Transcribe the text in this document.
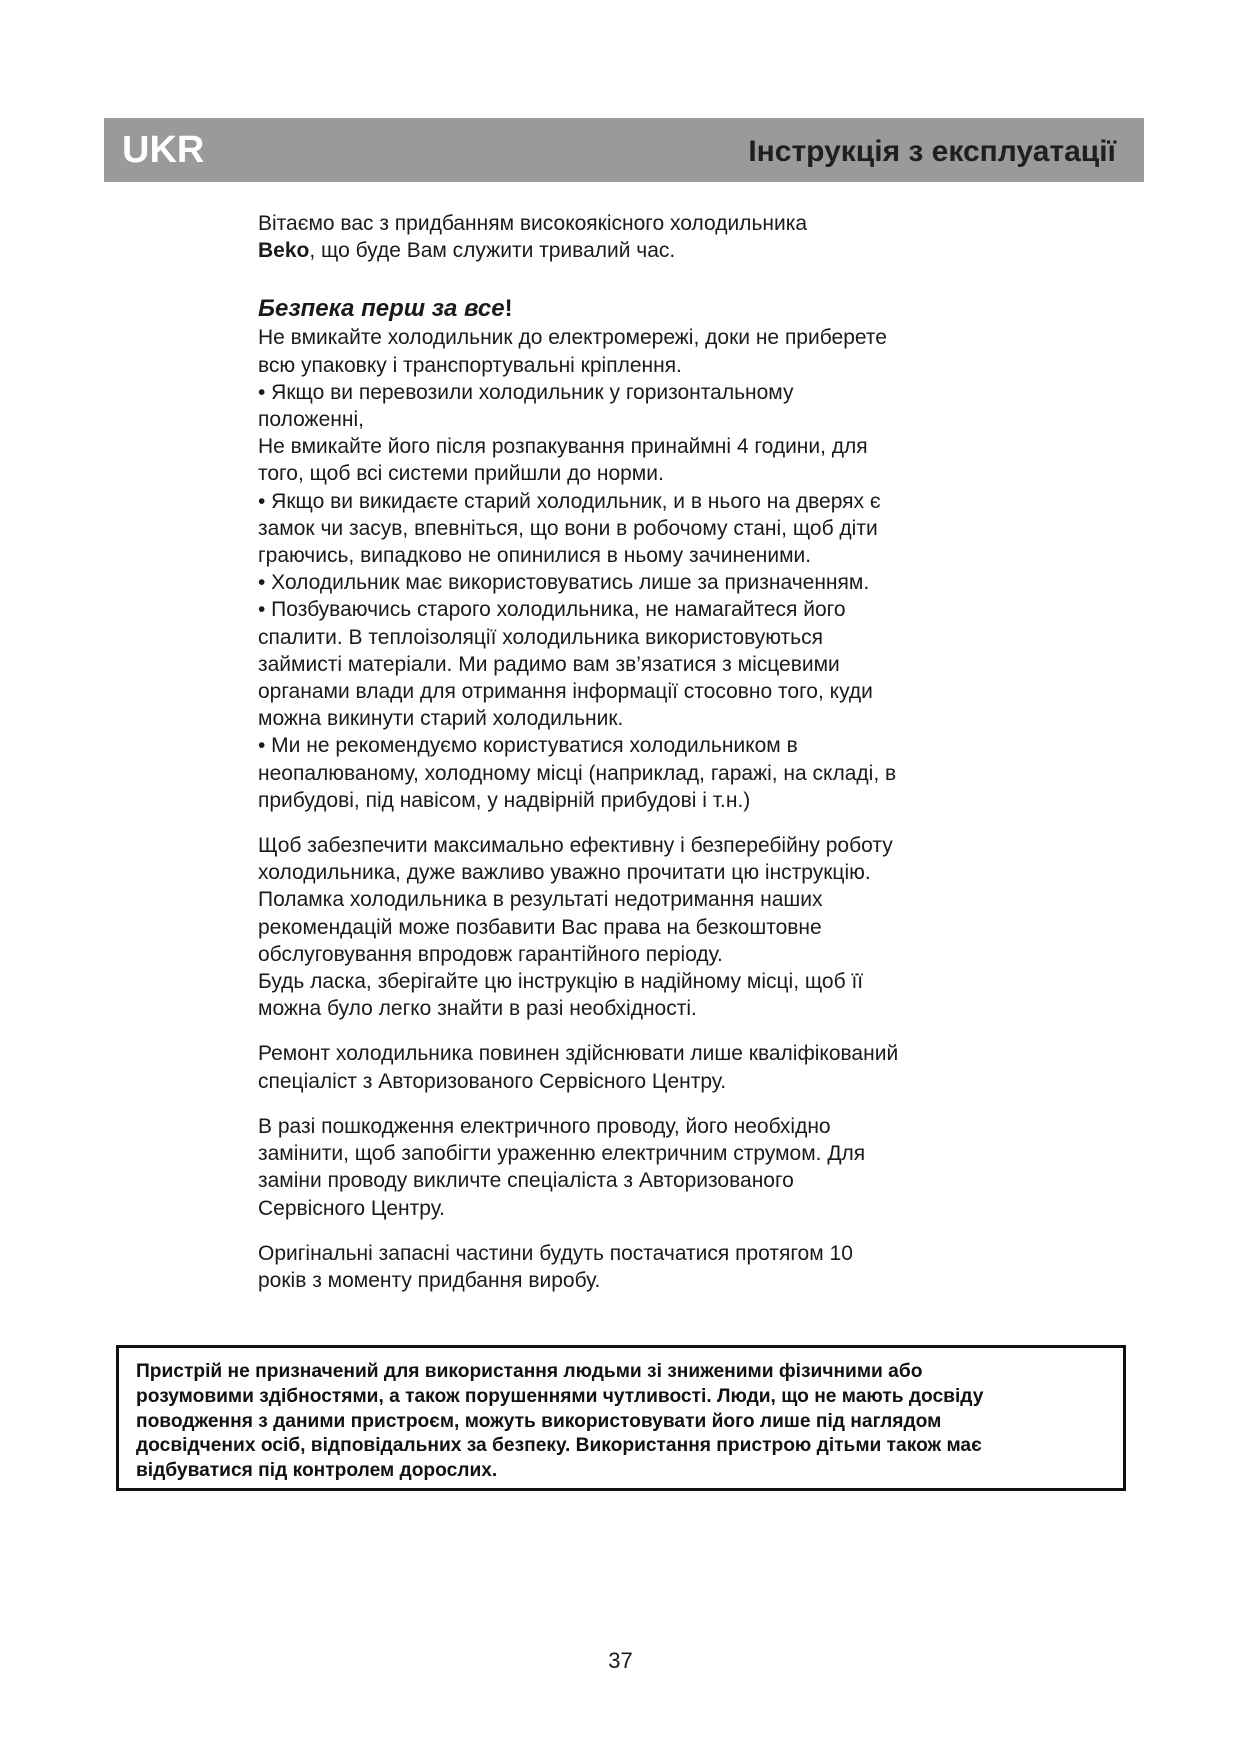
UKR	Інструкція з експлуатації

Вітаємо вас з придбанням високоякісного холодильника
Beko, що буде Вам служити тривалий час.

Безпека перш за все!

Не вмикайте холодильник до електромережі, доки не приберете
всю упаковку і транспортувальні кріплення.
• Якщо ви перевозили холодильник у горизонтальному
положенні,
Не вмикайте його після розпакування принаймні 4 години, для
того, щоб всі системи прийшли до норми.
• Якщо ви викидаєте старий холодильник, и в нього на дверях є
замок чи засув, впевніться, що вони в робочому стані, щоб діти
граючись, випадково не опинилися в ньому зачиненими.
• Холодильник має використовуватись лише за призначенням.
• Позбуваючись старого холодильника, не намагайтеся його
спалити. В теплоізоляції холодильника використовуються
займисті матеріали. Ми радимо вам зв’язатися з місцевими
органами влади для отримання інформації стосовно того, куди
можна викинути старий холодильник.
• Ми не рекомендуємо користуватися холодильником в
неопалюваному, холодному місці (наприклад, гаражі, на складі, в
прибудові, під навісом, у надвірній прибудові і т.н.)

Щоб забезпечити максимально ефективну і безперебійну роботу
холодильника, дуже важливо уважно прочитати цю інструкцію.
Поламка холодильника в результаті недотримання наших
рекомендацій може позбавити Вас права на безкоштовне
обслуговування впродовж гарантійного періоду.
Будь ласка, зберігайте цю інструкцію в надійному місці, щоб її
можна було легко знайти в разі необхідності.

Ремонт холодильника повинен здійснювати лише кваліфікований
спеціаліст з Авторизованого Сервісного Центру.

В разі пошкодження електричного проводу, його необхідно
замінити, щоб запобігти ураженню електричним струмом. Для
заміни проводу викличте спеціаліста з Авторизованого
Сервісного Центру.

Оригінальні запасні частини будуть постачатися протягом 10
років з моменту придбання виробу.

Пристрій не призначений для використання людьми зі зниженими фізичними або
розумовими здібностями, а також порушеннями чутливості. Люди, що не мають досвіду
поводження з даними пристроєм, можуть використовувати його лише під наглядом
досвідчених осіб, відповідальних за безпеку. Використання пристрою дітьми також має
відбуватися під контролем дорослих.
37
